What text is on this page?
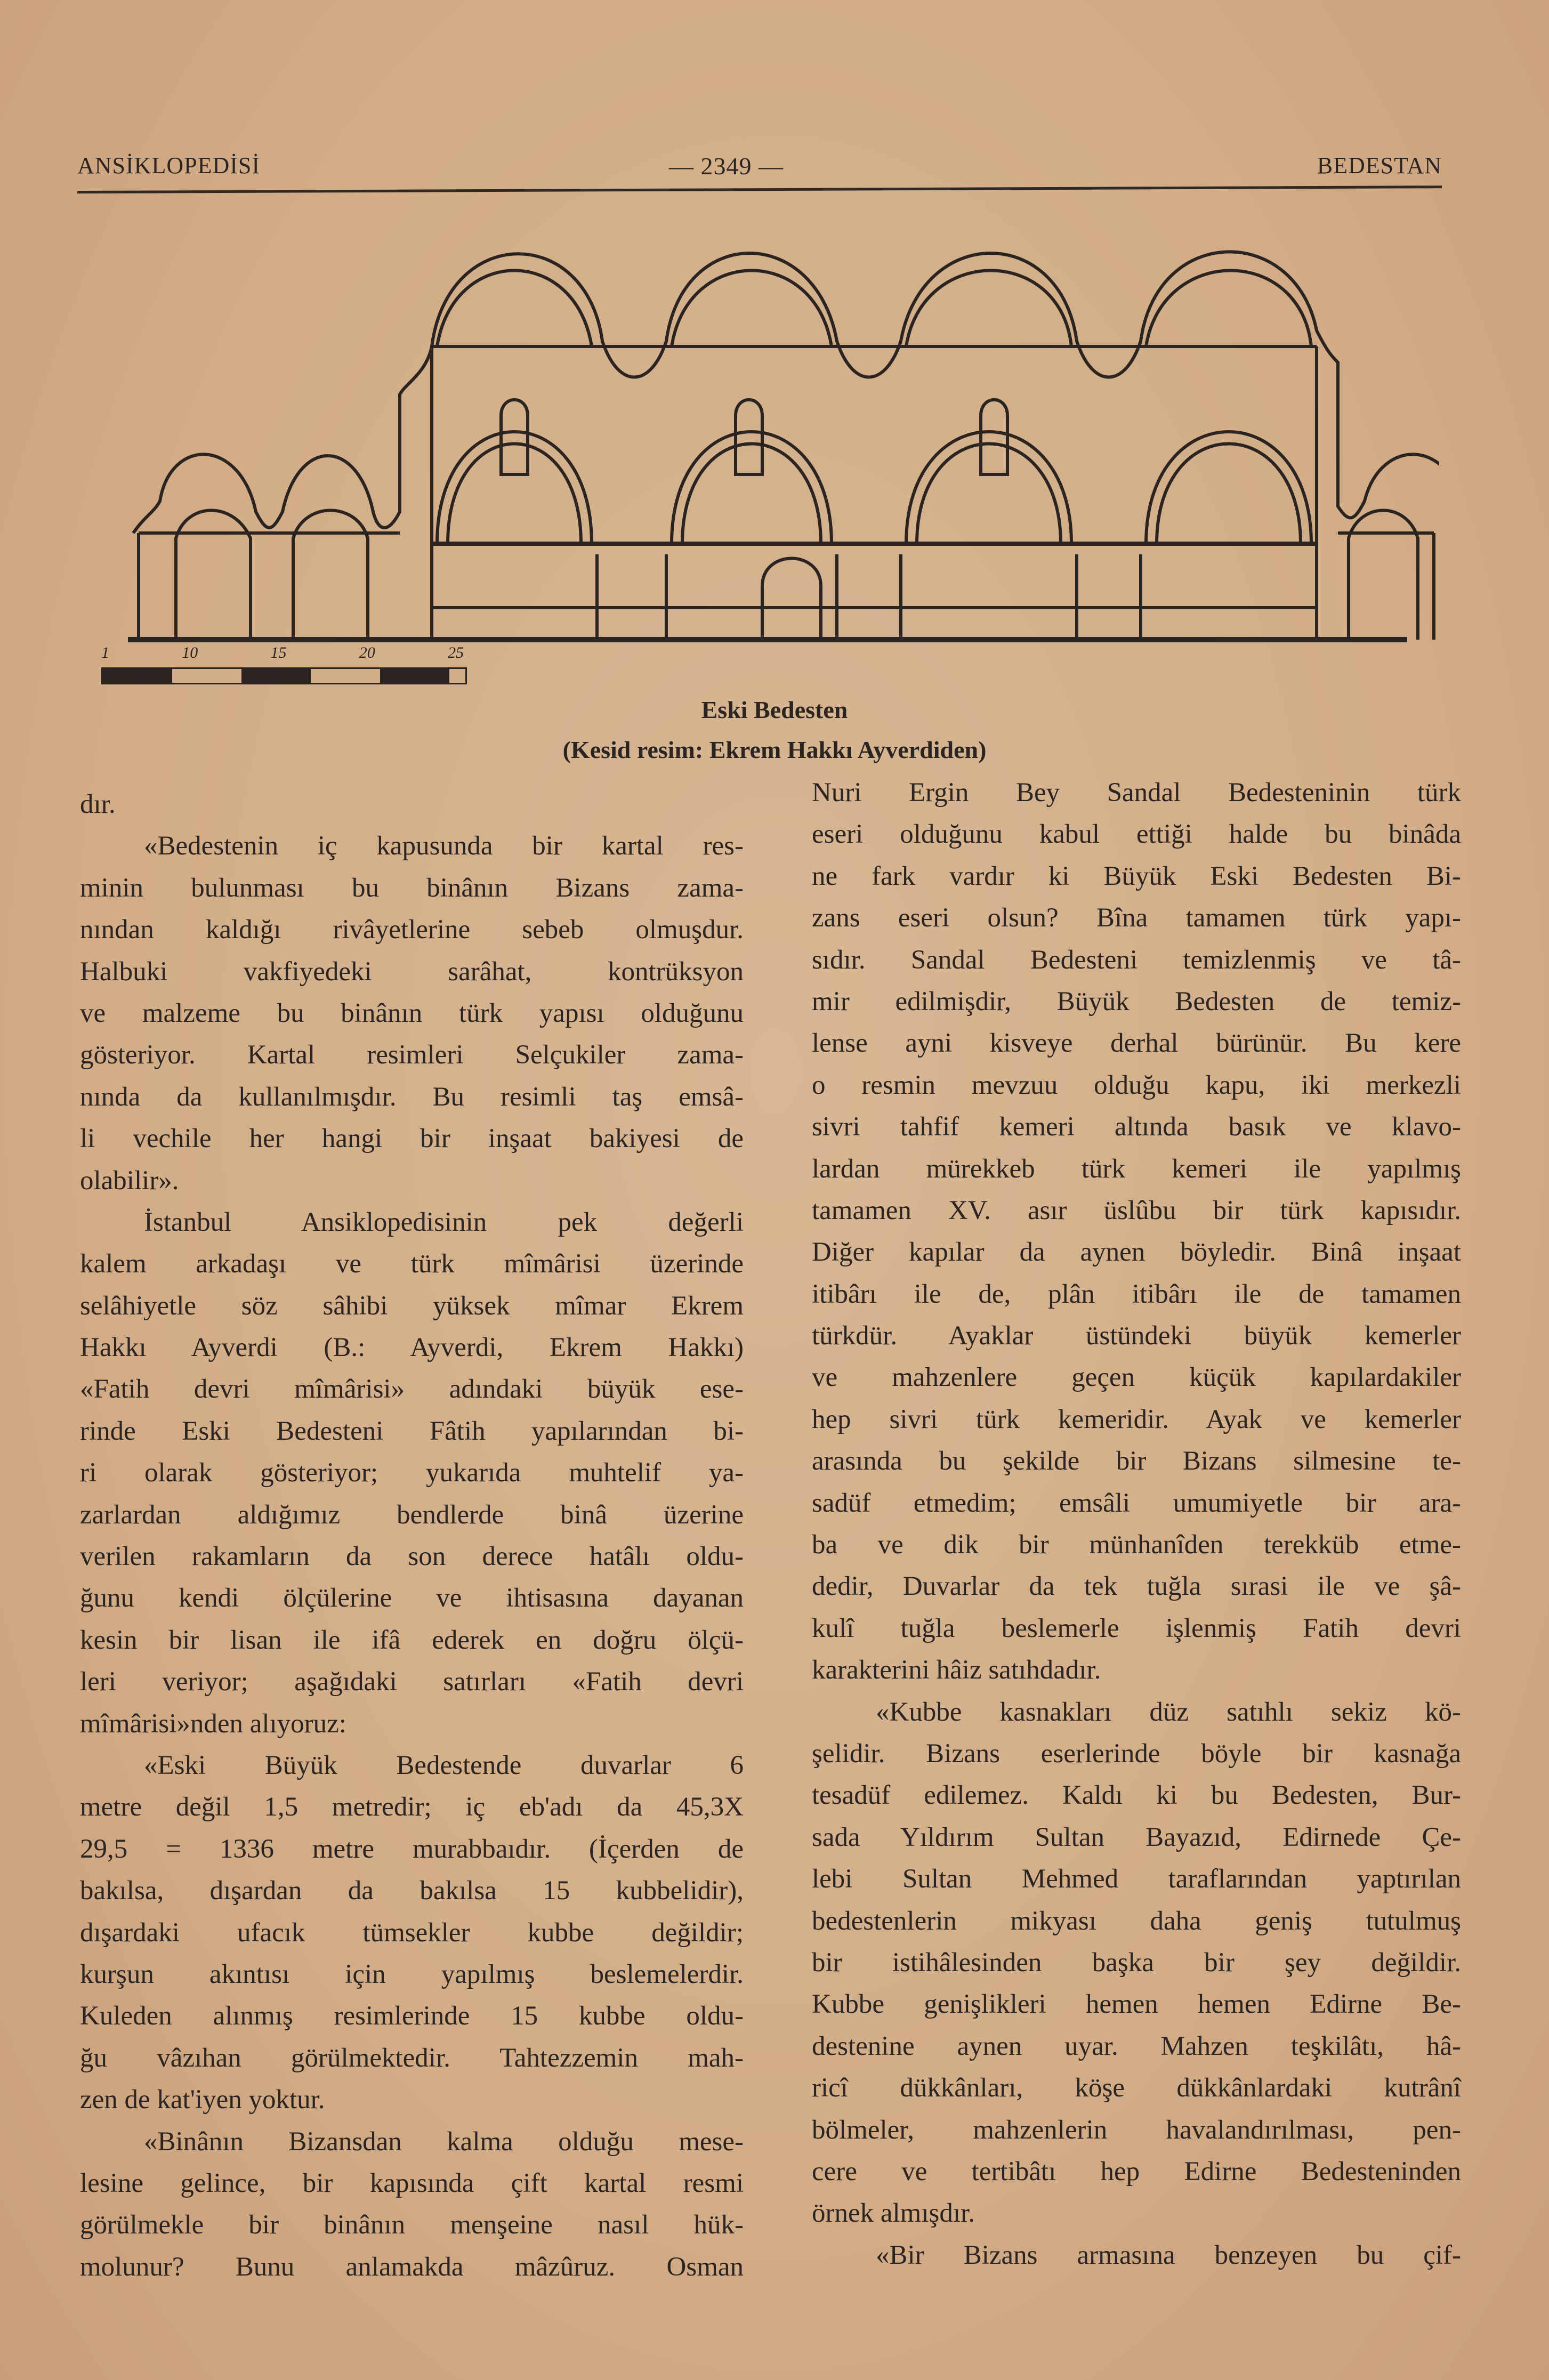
ANSİKLOPEDİSİ	— 2349 —	BEDESTAN
1	10	15	20	25
Eski Bedesten
(Kesid resim: Ekrem Hakkı Ayverdiden)
dır.
«Bedestenin iç kapusunda bir kartal res-
minin bulunması bu binânın Bizans zama-
nından kaldığı rivâyetlerine sebeb olmuşdur.
Halbuki vakfiyedeki sarâhat, kontrüksyon
ve malzeme bu binânın türk yapısı olduğunu
gösteriyor. Kartal resimleri Selçukiler zama-
nında da kullanılmışdır. Bu resimli taş emsâ-
li vechile her hangi bir inşaat bakiyesi de
olabilir».
İstanbul Ansiklopedisinin pek değerli
kalem arkadaşı ve türk mîmârisi üzerinde
selâhiyetle söz sâhibi yüksek mîmar Ekrem
Hakkı Ayverdi (B.: Ayverdi, Ekrem Hakkı)
«Fatih devri mîmârisi» adındaki büyük ese-
rinde Eski Bedesteni Fâtih yapılarından bi-
ri olarak gösteriyor; yukarıda muhtelif ya-
zarlardan aldığımız bendlerde binâ üzerine
verilen rakamların da son derece hatâlı oldu-
ğunu kendi ölçülerine ve ihtisasına dayanan
kesin bir lisan ile ifâ ederek en doğru ölçü-
leri veriyor; aşağıdaki satırları «Fatih devri
mîmârisi»nden alıyoruz:
«Eski Büyük Bedestende duvarlar 6
metre değil 1,5 metredir; iç eb'adı da 45,3X
29,5 = 1336 metre murabbaıdır. (İçerden de
bakılsa, dışardan da bakılsa 15 kubbelidir),
dışardaki ufacık tümsekler kubbe değildir;
kurşun akıntısı için yapılmış beslemelerdir.
Kuleden alınmış resimlerinde 15 kubbe oldu-
ğu vâzıhan görülmektedir. Tahtezzemin mah-
zen de kat'iyen yoktur.
«Binânın Bizansdan kalma olduğu mese-
lesine gelince, bir kapısında çift kartal resmi
görülmekle bir binânın menşeine nasıl hük-
molunur? Bunu anlamakda mâzûruz. Osman
Nuri Ergin Bey Sandal Bedesteninin türk
eseri olduğunu kabul ettiği halde bu binâda
ne fark vardır ki Büyük Eski Bedesten Bi-
zans eseri olsun? Bîna tamamen türk yapı-
sıdır. Sandal Bedesteni temizlenmiş ve tâ-
mir edilmişdir, Büyük Bedesten de temiz-
lense ayni kisveye derhal bürünür. Bu kere
o resmin mevzuu olduğu kapu, iki merkezli
sivri tahfif kemeri altında basık ve klavo-
lardan mürekkeb türk kemeri ile yapılmış
tamamen XV. asır üslûbu bir türk kapısıdır.
Diğer kapılar da aynen böyledir. Binâ inşaat
itibârı ile de, plân itibârı ile de tamamen
türkdür. Ayaklar üstündeki büyük kemerler
ve mahzenlere geçen küçük kapılardakiler
hep sivri türk kemeridir. Ayak ve kemerler
arasında bu şekilde bir Bizans silmesine te-
sadüf etmedim; emsâli umumiyetle bir ara-
ba ve dik bir münhanîden terekküb etme-
dedir, Duvarlar da tek tuğla sırasi ile ve şâ-
kulî tuğla beslemerle işlenmiş Fatih devri
karakterini hâiz satıhdadır.
«Kubbe kasnakları düz satıhlı sekiz kö-
şelidir. Bizans eserlerinde böyle bir kasnağa
tesadüf edilemez. Kaldı ki bu Bedesten, Bur-
sada Yıldırım Sultan Bayazıd, Edirnede Çe-
lebi Sultan Mehmed taraflarından yaptırılan
bedestenlerin mikyası daha geniş tutulmuş
bir istihâlesinden başka bir şey değildir.
Kubbe genişlikleri hemen hemen Edirne Be-
destenine aynen uyar. Mahzen teşkilâtı, hâ-
ricî dükkânları, köşe dükkânlardaki kutrânî
bölmeler, mahzenlerin havalandırılması, pen-
cere ve tertibâtı hep Edirne Bedesteninden
örnek almışdır.
«Bir Bizans armasına benzeyen bu çif-
